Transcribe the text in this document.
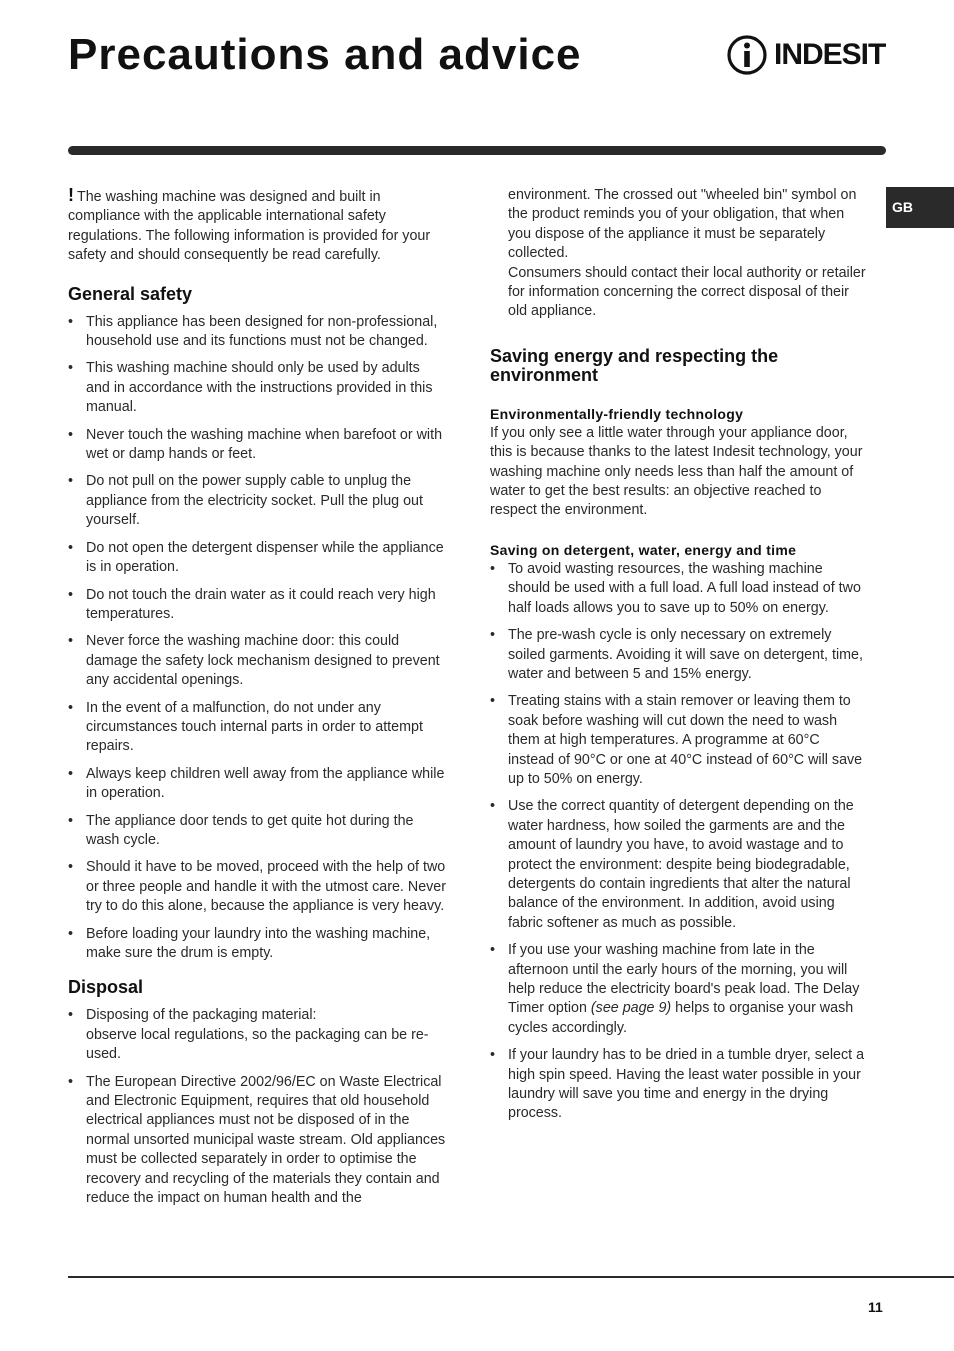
Precautions and advice	INDESIT
GB

! The washing machine was designed and built in compliance with the applicable international safety regulations. The following information is provided for your safety and should consequently be read carefully.

General safety
• This appliance has been designed for non-professional, household use and its functions must not be changed.
• This washing machine should only be used by adults and in accordance with the instructions provided in this manual.
• Never touch the washing machine when barefoot or with wet or damp hands or feet.
• Do not pull on the power supply cable to unplug the appliance from the electricity socket. Pull the plug out yourself.
• Do not open the detergent dispenser while the appliance is in operation.
• Do not touch the drain water as it could reach very high temperatures.
• Never force the washing machine door: this could damage the safety lock mechanism designed to prevent any accidental openings.
• In the event of a malfunction, do not under any circumstances touch internal parts in order to attempt repairs.
• Always keep children well away from the appliance while in operation.
• The appliance door tends to get quite hot during the wash cycle.
• Should it have to be moved, proceed with the help of two or three people and handle it with the utmost care. Never try to do this alone, because the appliance is very heavy.
• Before loading your laundry into the washing machine, make sure the drum is empty.
Disposal
• Disposing of the packaging material:
observe local regulations, so the packaging can be re-used.
• The European Directive 2002/96/EC on Waste Electrical and Electronic Equipment, requires that old household electrical appliances must not be disposed of in the normal unsorted municipal waste stream. Old appliances must be collected separately in order to optimise the recovery and recycling of the materials they contain and reduce the impact on human health and the

environment. The crossed out "wheeled bin" symbol on the product reminds you of your obligation, that when you dispose of the appliance it must be separately collected.

Consumers should contact their local authority or retailer for information concerning the correct disposal of their old appliance.

Saving energy and respecting the environment
Environmentally-friendly technology

If you only see a little water through your appliance door, this is because thanks to the latest Indesit technology, your washing machine only needs less than half the amount of water to get the best results: an objective reached to respect the environment.

Saving on detergent, water, energy and time
• To avoid wasting resources, the washing machine should be used with a full load. A full load instead of two half loads allows you to save up to 50% on energy.
• The pre-wash cycle is only necessary on extremely soiled garments. Avoiding it will save on detergent, time, water and between 5 and 15% energy.
• Treating stains with a stain remover or leaving them to soak before washing will cut down the need to wash them at high temperatures. A programme at 60°C instead of 90°C or one at 40°C instead of 60°C will save up to 50% on energy.
• Use the correct quantity of detergent depending on the water hardness, how soiled the garments are and the amount of laundry you have, to avoid wastage and to protect the environment: despite being biodegradable, detergents do contain ingredients that alter the natural balance of the environment. In addition, avoid using fabric softener as much as possible.
• If you use your washing machine from late in the afternoon until the early hours of the morning, you will help reduce the electricity board's peak load. The Delay Timer option (see page 9) helps to organise your wash cycles accordingly.
• If your laundry has to be dried in a tumble dryer, select a high spin speed. Having the least water possible in your laundry will save you time and energy in the drying process.
11
